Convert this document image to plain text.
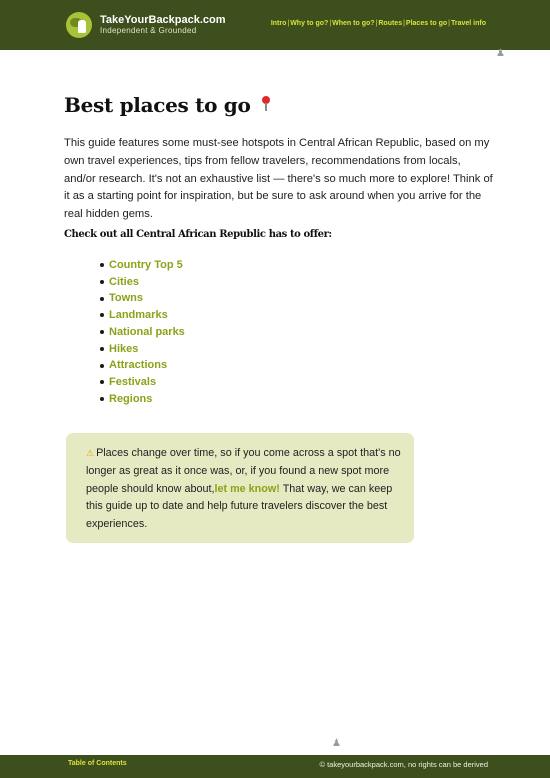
TakeYourBackpack.com
Independent & Grounded
Intro | Why to go? | When to go? | Routes | Places to go | Travel info
♟
Best places to go

This guide features some must-see hotspots in Central African Republic, based on my own travel experiences, tips from fellow travelers, recommendations from locals, and/or research. It's not an exhaustive list — there's so much more to explore! Think of it as a starting point for inspiration, but be sure to ask around when you arrive for the real hidden gems.

Check out all Central African Republic has to offer:

Country Top 5
Cities
Towns
Landmarks
National parks
Hikes
Attractions
Festivals
Regions

⚠ Places change over time, so if you come across a spot that's no longer as great as it once was, or, if you found a new spot more people should know about,let me know! That way, we can keep this guide up to date and help future travelers discover the best experiences.

♟
Table of Contents	© takeyourbackpack.com, no rights can be derived
